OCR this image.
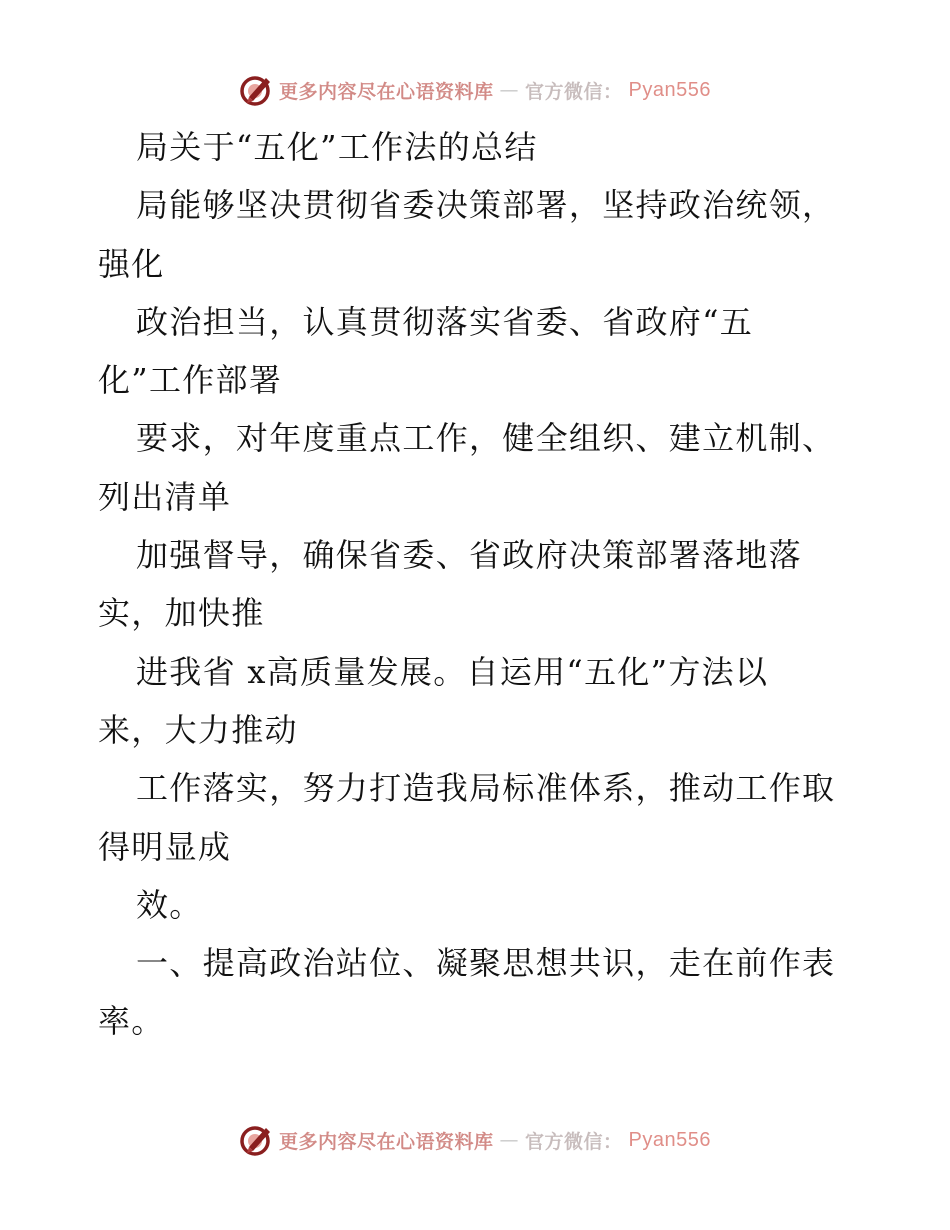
更多内容尽在心语资料库 — 官方微信： Pyan556
局关于“五化”工作法的总结
局能够坚决贯彻省委决策部署，坚持政治统领，
强化
政治担当，认真贯彻落实省委、省政府“五
化”工作部署
要求，对年度重点工作，健全组织、建立机制、
列出清单
加强督导，确保省委、省政府决策部署落地落
实，加快推
进我省 x高质量发展。自运用“五化”方法以
来，大力推动
工作落实，努力打造我局标准体系，推动工作取
得明显成
效。
一、提高政治站位、凝聚思想共识，走在前作表
率。
更多内容尽在心语资料库 — 官方微信： Pyan556
